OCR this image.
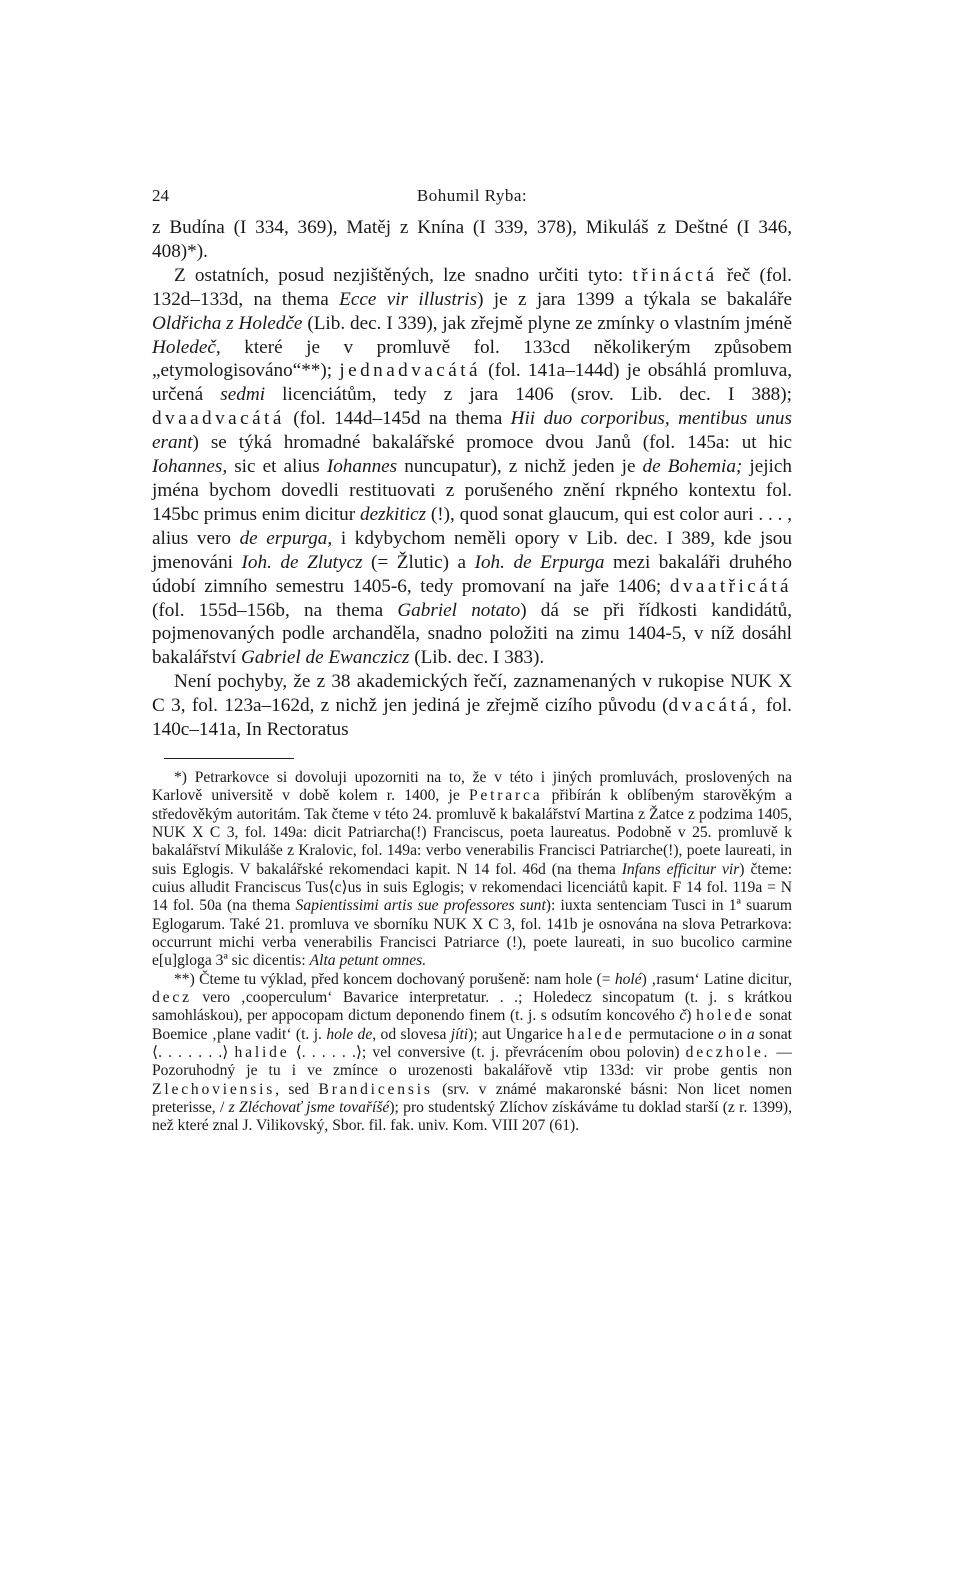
24	Bohumil Ryba:

z Budína (I 334, 369), Matěj z Knína (I 339, 378), Mikuláš z Deštné (I 346, 408)*).

Z ostatních, posud nezjištěných, lze snadno určiti tyto: třináctá řeč (fol. 132d–133d, na thema Ecce vir illustris) je z jara 1399 a týkala se bakaláře Oldřicha z Holedče (Lib. dec. I 339), jak zřejmě plyne ze zmínky o vlastním jméně Holedeč, které je v promluvě fol. 133cd několikerým způsobem „etymologisováno“**); jednadvacátá (fol. 141a–144d) je obsáhlá promluva, určená sedmi licenciátům, tedy z jara 1406 (srov. Lib. dec. I 388); dvaadvacátá (fol. 144d–145d na thema Hii duo corporibus, mentibus unus erant) se týká hromadné bakalářské promoce dvou Janů (fol. 145a: ut hic Iohannes, sic et alius Iohannes nuncupatur), z nichž jeden je de Bohemia; jejich jména bychom dovedli restituovati z porušeného znění rkpného kontextu fol. 145bc primus enim dicitur dezkiticz (!), quod sonat glaucum, qui est color auri . . . , alius vero de erpurga, i kdybychom neměli opory v Lib. dec. I 389, kde jsou jmenováni Ioh. de Zlutycz (= Žlutic) a Ioh. de Erpurga mezi bakaláři druhého údobí zimního semestru 1405-6, tedy promovaní na jaře 1406; dvaatřicátá (fol. 155d–156b, na thema Gabriel notato) dá se při řídkosti kandidátů, pojmenovaných podle archanděla, snadno položiti na zimu 1404-5, v níž dosáhl bakalářství Gabriel de Ewanczicz (Lib. dec. I 383).

Není pochyby, že z 38 akademických řečí, zaznamenaných v rukopise NUK X C 3, fol. 123a–162d, z nichž jen jediná je zřejmě cizího původu (dvacátá, fol. 140c–141a, In Rectoratus

*) Petrarkovce si dovoluji upozorniti na to, že v této i jiných promluvách, proslovených na Karlově universitě v době kolem r. 1400, je Petrarca přibírán k oblíbeným starověkým a středověkým autoritám. Tak čteme v této 24. promluvě k bakalářství Martina z Žatce z podzima 1405, NUK X C 3, fol. 149a: dicit Patriarcha(!) Franciscus, poeta laureatus. Podobně v 25. promluvě k bakalářství Mikuláše z Kralovic, fol. 149a: verbo venerabilis Francisci Patriarche(!), poete laureati, in suis Eglogis. V bakalářské rekomendaci kapit. N 14 fol. 46d (na thema Infans efficitur vir) čteme: cuius alludit Franciscus Tus⟨c⟩us in suis Eglogis; v rekomendaci licenciátů kapit. F 14 fol. 119a = N 14 fol. 50a (na thema Sapientissimi artis sue professores sunt): iuxta sentenciam Tusci in 1ª suarum Eglogarum. Také 21. promluva ve sborníku NUK X C 3, fol. 141b je osnována na slova Petrarkova: occurrunt michi verba venerabilis Francisci Patriarce (!), poete laureati, in suo bucolico carmine e[u]gloga 3ª sic dicentis: Alta petunt omnes.

**) Čteme tu výklad, před koncem dochovaný porušeně: nam hole (= holé) ‚rasum‘ Latine dicitur, decz vero ‚cooperculum‘ Bavarice interpretatur. . .; Holedecz sincopatum (t. j. s krátkou samohláskou), per appocopam dictum deponendo finem (t. j. s odsutím koncového č) holede sonat Boemice ‚plane vadit‘ (t. j. hole de, od slovesa jíti); aut Ungarice halede permutacione o in a sonat ⟨. . . . . . .⟩ halide ⟨. . . . . .⟩; vel conversive (t. j. převrácením obou polovin) deczhole. — Pozoruhodný je tu i ve zmínce o urozenosti bakalářově vtip 133d: vir probe gentis non Zlechoviensis, sed Brandicensis (srv. v známé makaronské básni: Non licet nomen preterisse, / z Zléchovať jsme tovaříšé); pro studentský Zlíchov získáváme tu doklad starší (z r. 1399), než které znal J. Vilikovský, Sbor. fil. fak. univ. Kom. VIII 207 (61).
